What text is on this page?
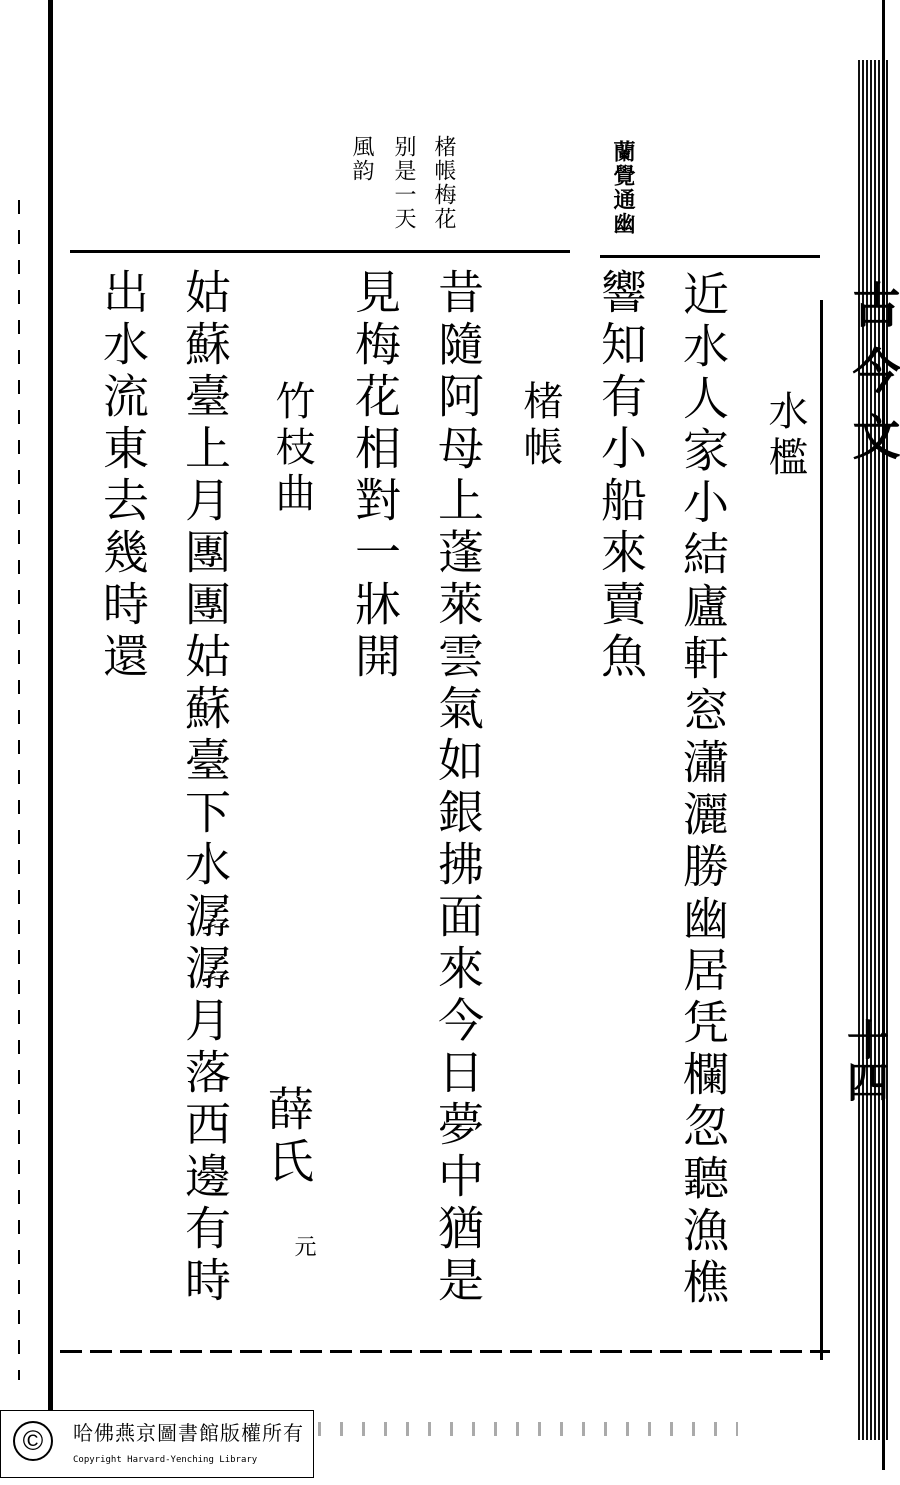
古今文
十四
水檻
近水人家小結廬軒窓瀟灑勝幽居凭欄忽聽漁樵
響知有小船來賣魚
蘭覺通幽
楮帳梅花
别是一天
風韵
楮帳
昔隨阿母上蓬萊雲氣如銀拂面來今日夢中猶是
見梅花相對一牀開
竹枝曲
薛氏
元
姑蘇臺上月團團姑蘇臺下水潺潺月落西邊有時
出水流東去幾時還
©	哈佛燕京圖書館版權所有
Copyright Harvard-Yenching Library
